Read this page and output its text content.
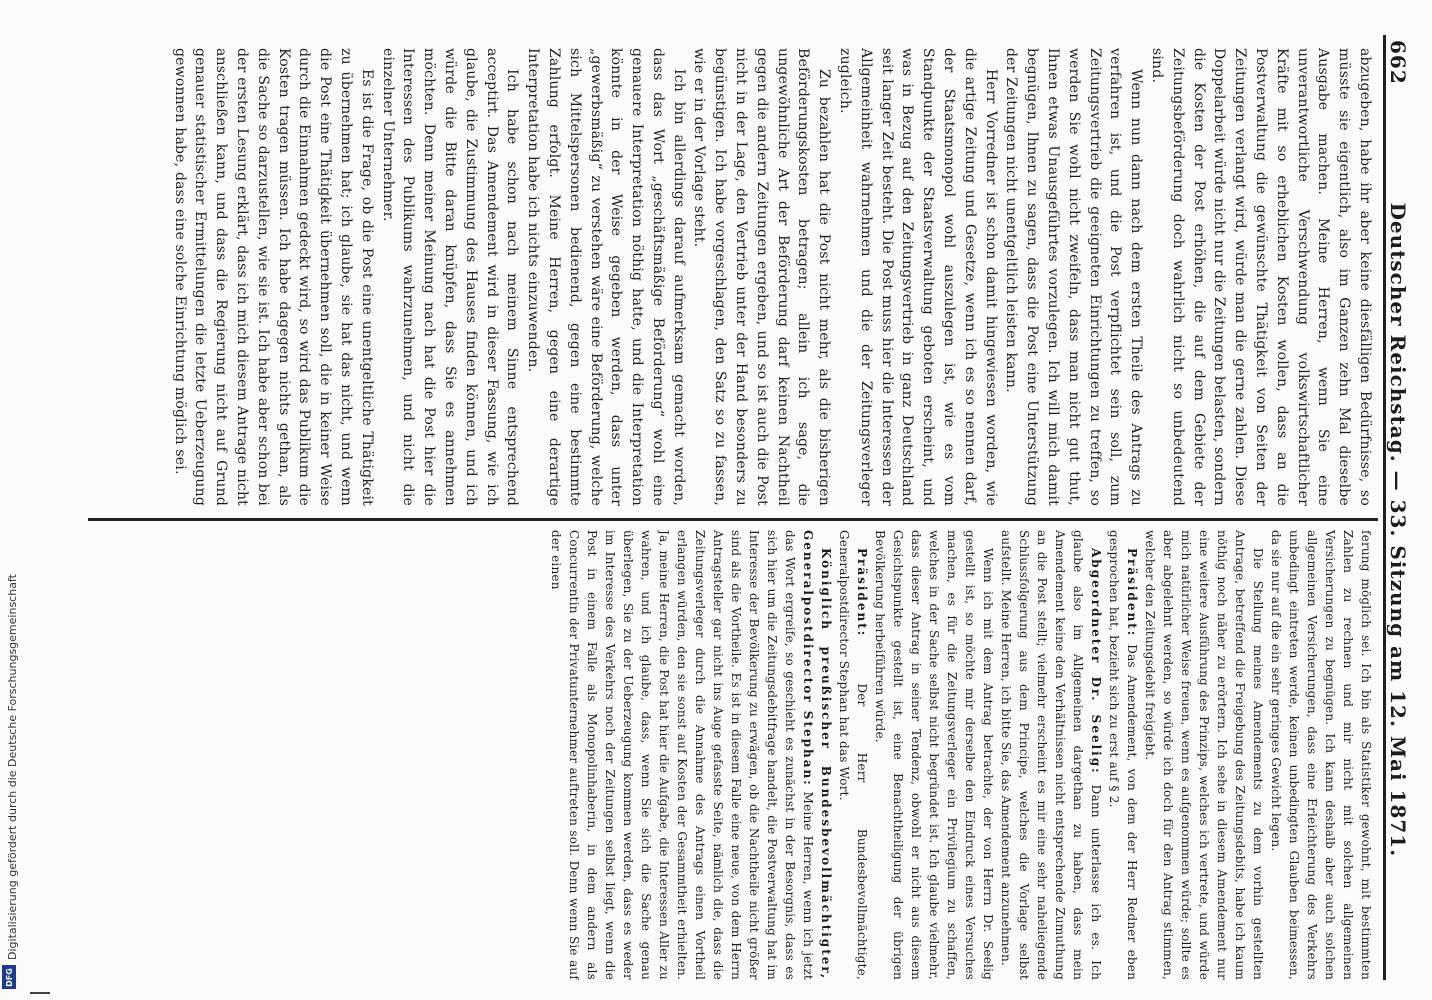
662
Deutscher Reichstag. — 33. Sitzung am 12. Mai 1871.

abzugeben, habe ihr aber keine diesfälligen Bedürfnisse, so müsste sie eigentlich, also im Ganzen zehn Mal dieselbe Ausgabe machen. Meine Herren, wenn Sie eine unverantwortliche Verschwendung volkswirtschaftlicher Kräfte mit so erheblichen Kosten wollen, dass an die Postverwaltung die gewünschte Thätigkeit von Seiten der Zeitungen verlangt wird, würde man die gerne zahlen. Diese Doppelarbeit würde nicht nur die Zeitungen belasten, sondern die Kosten der Post erhöhen, die auf dem Gebiete der Zeitungsbeförderung doch wahrlich nicht so unbedeutend sind.

Wenn nun dann nach dem ersten Theile des Antrags zu verfahren ist, und die Post verpflichtet sein soll, zum Zeitungsvertrieb die geeigneten Einrichtungen zu treffen, so werden Sie wohl nicht zweifeln, dass man nicht gut thut, Ihnen etwas Unausgeführtes vorzulegen. Ich will mich damit begnügen, Ihnen zu sagen, dass die Post eine Unterstützung der Zeitungen nicht unentgeltlich leisten kann.

Herr Vorredner ist schon damit hingewiesen worden, wie die artige Zeitung und Gesetze, wenn ich es so nennen darf, der Staatsmonopol wohl auszulegen ist, wie es vom Standpunkte der Staatsverwaltung geboten erscheint, und was in Bezug auf den Zeitungsvertrieb in ganz Deutschland seit langer Zeit besteht. Die Post muss hier die Interessen der Allgemeinheit wahrnehmen und die der Zeitungsverleger zugleich.

Zu bezahlen hat die Post nicht mehr, als die bisherigen Beförderungskosten betragen; allein ich sage, die ungewöhnliche Art der Beförderung darf keinen Nachtheil gegen die andern Zeitungen ergeben, und so ist auch die Post nicht in der Lage, den Vertrieb unter der Hand besonders zu begünstigen. Ich habe vorgeschlagen, den Satz so zu fassen, wie er in der Vorlage steht.

Ich bin allerdings darauf aufmerksam gemacht worden, dass das Wort „geschäftsmäßige Beförderung“ wohl eine genauere Interpretation nöthig hatte, und die Interpretation könnte in der Weise gegeben werden, dass unter „gewerbsmäßig“ zu verstehen wäre eine Beförderung, welche sich Mittelspersonen bedienend, gegen eine bestimmte Zahlung erfolgt. Meine Herren, gegen eine derartige Interpretation habe ich nichts einzuwenden.

Ich habe schon nach meinem Sinne entsprechend acceptirt. Das Amendement wird in dieser Fassung, wie ich glaube, die Zustimmung des Hauses finden können, und ich würde die Bitte daran knüpfen, dass Sie es annehmen möchten. Denn meiner Meinung nach hat die Post hier die Interessen des Publikums wahrzunehmen, und nicht die einzelner Unternehmer.

Es ist die Frage, ob die Post eine unentgeltliche Thätigkeit zu übernehmen hat; ich glaube, sie hat das nicht, und wenn die Post eine Thätigkeit übernehmen soll, die in keiner Weise durch die Einnahmen gedeckt wird, so wird das Publikum die Kosten tragen müssen. Ich habe dagegen nichts gethan, als die Sache so darzustellen, wie sie ist. Ich habe aber schon bei der ersten Lesung erklärt, dass ich mich diesem Antrage nicht anschließen kann, und dass die Regierung nicht auf Grund genauer statistischer Ermittelungen die letzte Ueberzeugung gewonnen habe, dass eine solche Einrichtung möglich sei.

ferung möglich sei. Ich bin als Statistiker gewohnt, mit bestimmten Zahlen zu rechnen und mir nicht mit solchen allgemeinen Versicherungen zu begnügen. Ich kann deshalb aber auch solchen allgemeinen Versicherungen, dass eine Erleichterung des Verkehrs unbedingt eintreten werde, keinen unbedingten Glauben beimessen, da sie nur auf die ein sehr geringes Gewicht legen.

Die Stellung meines Amendements zu dem vorhin gestellten Antrage, betreffend die Freigebung des Zeitungsdebits, habe ich kaum nöthig noch näher zu erörtern. Ich sehe in diesem Amendement nur eine weitere Ausführung des Prinzips, welches ich vertrete, und würde mich natürlicher Weise freuen, wenn es aufgenommen würde; sollte es aber abgelehnt werden, so würde ich doch für den Antrag stimmen, welcher den Zeitungsdebit freigiebt.

Präsident: Das Amendement, von dem der Herr Redner eben gesprochen hat, bezieht sich zu erst auf § 2.

Abgeordneter Dr. Seelig: Dann unterlasse ich es. Ich glaube also im Allgemeinen dargethan zu haben, dass mein Amendement keine den Verhältnissen nicht entsprechende Zumuthung an die Post stellt; vielmehr erscheint es mir eine sehr naheliegende Schlussfolgerung aus dem Principe, welches die Vorlage selbst aufstellt. Meine Herren, ich bitte Sie, das Amendement anzunehmen.

Wenn ich mit dem Antrag betrachte, der von Herrn Dr. Seelig gestellt ist, so möchte mir derselbe den Eindruck eines Versuches machen, es für die Zeitungsverleger ein Privilegium zu schaffen, welches in der Sache selbst nicht begründet ist. Ich glaube vielmehr, dass dieser Antrag in seiner Tendenz, obwohl er nicht aus diesem Gesichtspunkte gestellt ist, eine Benachtheiligung der übrigen Bevölkerung herbeiführen würde.

Präsident: Der Herr Bundesbevollmächtigte, Generalpostdirector Stephan hat das Wort.

Königlich preußischer Bundesbevollmächtigter, Generalpostdirector Stephan: Meine Herren, wenn ich jetzt das Wort ergreife, so geschieht es zunächst in der Besorgnis, dass es sich hier um die Zeitungsdebitfrage handelt, die Postverwaltung hat im Interesse der Bevölkerung zu erwägen, ob die Nachtheile nicht größer sind als die Vortheile. Es ist in diesem Falle eine neue, von dem Herrn Antragsteller gar nicht ins Auge gefasste Seite, nämlich die, dass die Zeitungsverleger durch die Annahme des Antrags einen Vortheil erlangen würden, den sie sonst auf Kosten der Gesammtheit erhielten. Ja, meine Herren, die Post hat hier die Aufgabe, die Interessen Aller zu wahren, und ich glaube, dass, wenn Sie sich die Sache genau überlegen, Sie zu der Ueberzeugung kommen werden, dass es weder im Interesse des Verkehrs noch der Zeitungen selbst liegt, wenn die Post in einem Falle als Monopolinhaberin, in dem andern als Concurrentin der Privatunternehmer auftreten soll. Denn wenn Sie auf der einen

Digitalisierung gefördert durch die Deutsche Forschungsgemeinschaft
DFG
